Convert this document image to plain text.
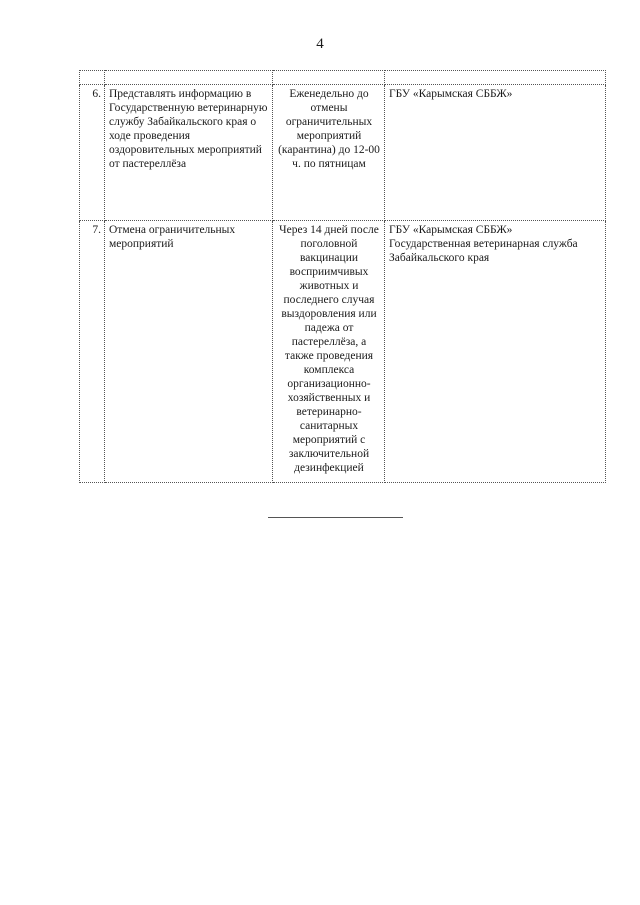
4

6.	Представлять информацию в Государственную ветеринарную службу Забайкальского края о ходе проведения оздоровительных мероприятий от пастереллёза	Еженедельно до отмены ограничительных мероприятий (карантина) до 12-00 ч. по пятницам	ГБУ «Карымская СББЖ»

7.	Отмена ограничительных мероприятий	Через 14 дней после поголовной вакцинации восприимчивых животных и последнего случая выздоровления или падежа от пастереллёза, а также проведения комплекса организационно-хозяйственных и ветеринарно-санитарных мероприятий с заключительной дезинфекцией	ГБУ «Карымская СББЖ»
Государственная ветеринарная служба Забайкальского края
